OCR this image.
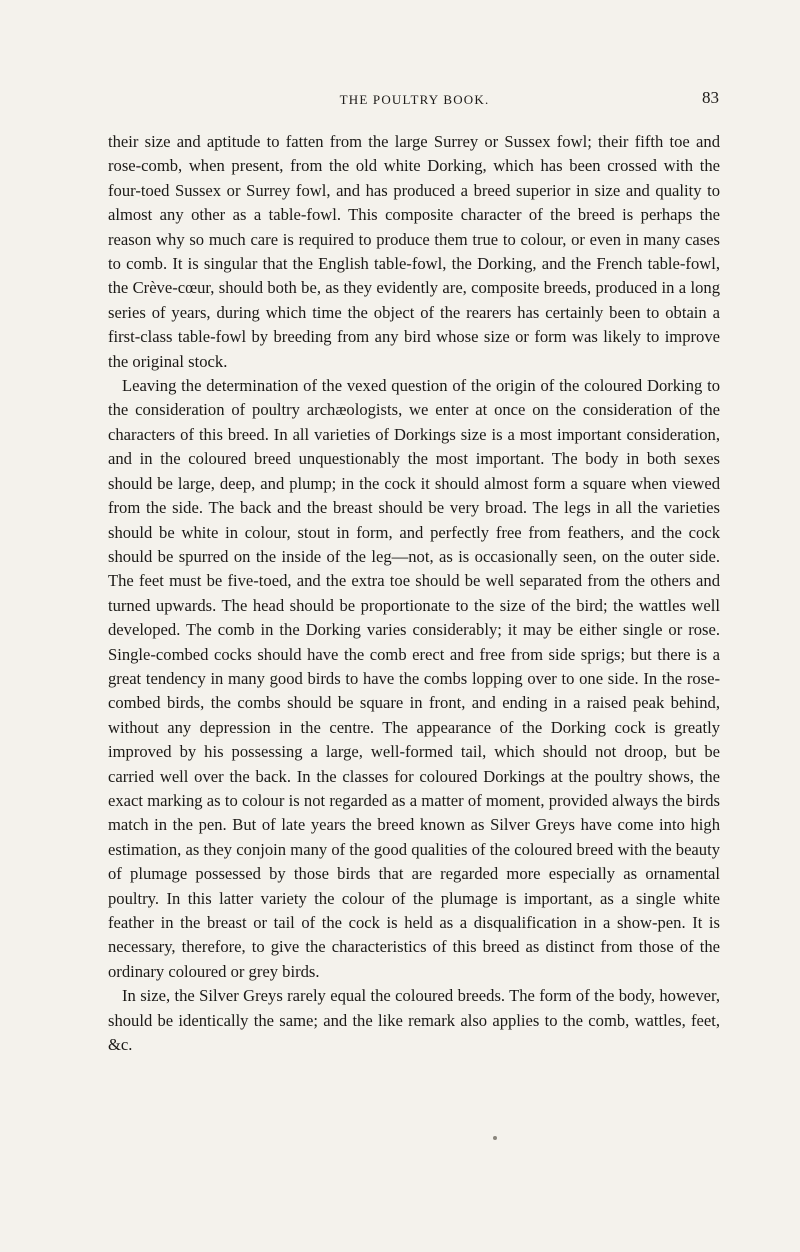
THE POULTRY BOOK.	83

their size and aptitude to fatten from the large Surrey or Sussex fowl; their fifth toe and rose-comb, when present, from the old white Dorking, which has been crossed with the four-toed Sussex or Surrey fowl, and has produced a breed superior in size and quality to almost any other as a table-fowl. This composite character of the breed is perhaps the reason why so much care is required to produce them true to colour, or even in many cases to comb. It is singular that the English table-fowl, the Dorking, and the French table-fowl, the Crève-cœur, should both be, as they evidently are, composite breeds, produced in a long series of years, during which time the object of the rearers has certainly been to obtain a first-class table-fowl by breeding from any bird whose size or form was likely to improve the original stock.

Leaving the determination of the vexed question of the origin of the coloured Dorking to the consideration of poultry archæologists, we enter at once on the consideration of the characters of this breed. In all varieties of Dorkings size is a most important consideration, and in the coloured breed unquestionably the most important. The body in both sexes should be large, deep, and plump; in the cock it should almost form a square when viewed from the side. The back and the breast should be very broad. The legs in all the varieties should be white in colour, stout in form, and perfectly free from feathers, and the cock should be spurred on the inside of the leg—not, as is occasionally seen, on the outer side. The feet must be five-toed, and the extra toe should be well separated from the others and turned upwards. The head should be proportionate to the size of the bird; the wattles well developed. The comb in the Dorking varies considerably; it may be either single or rose. Single-combed cocks should have the comb erect and free from side sprigs; but there is a great tendency in many good birds to have the combs lopping over to one side. In the rose-combed birds, the combs should be square in front, and ending in a raised peak behind, without any depression in the centre. The appearance of the Dorking cock is greatly improved by his possessing a large, well-formed tail, which should not droop, but be carried well over the back. In the classes for coloured Dorkings at the poultry shows, the exact marking as to colour is not regarded as a matter of moment, provided always the birds match in the pen. But of late years the breed known as Silver Greys have come into high estimation, as they conjoin many of the good qualities of the coloured breed with the beauty of plumage possessed by those birds that are regarded more especially as ornamental poultry. In this latter variety the colour of the plumage is important, as a single white feather in the breast or tail of the cock is held as a disqualification in a show-pen. It is necessary, therefore, to give the characteristics of this breed as distinct from those of the ordinary coloured or grey birds.

In size, the Silver Greys rarely equal the coloured breeds. The form of the body, however, should be identically the same; and the like remark also applies to the comb, wattles, feet, &c.
